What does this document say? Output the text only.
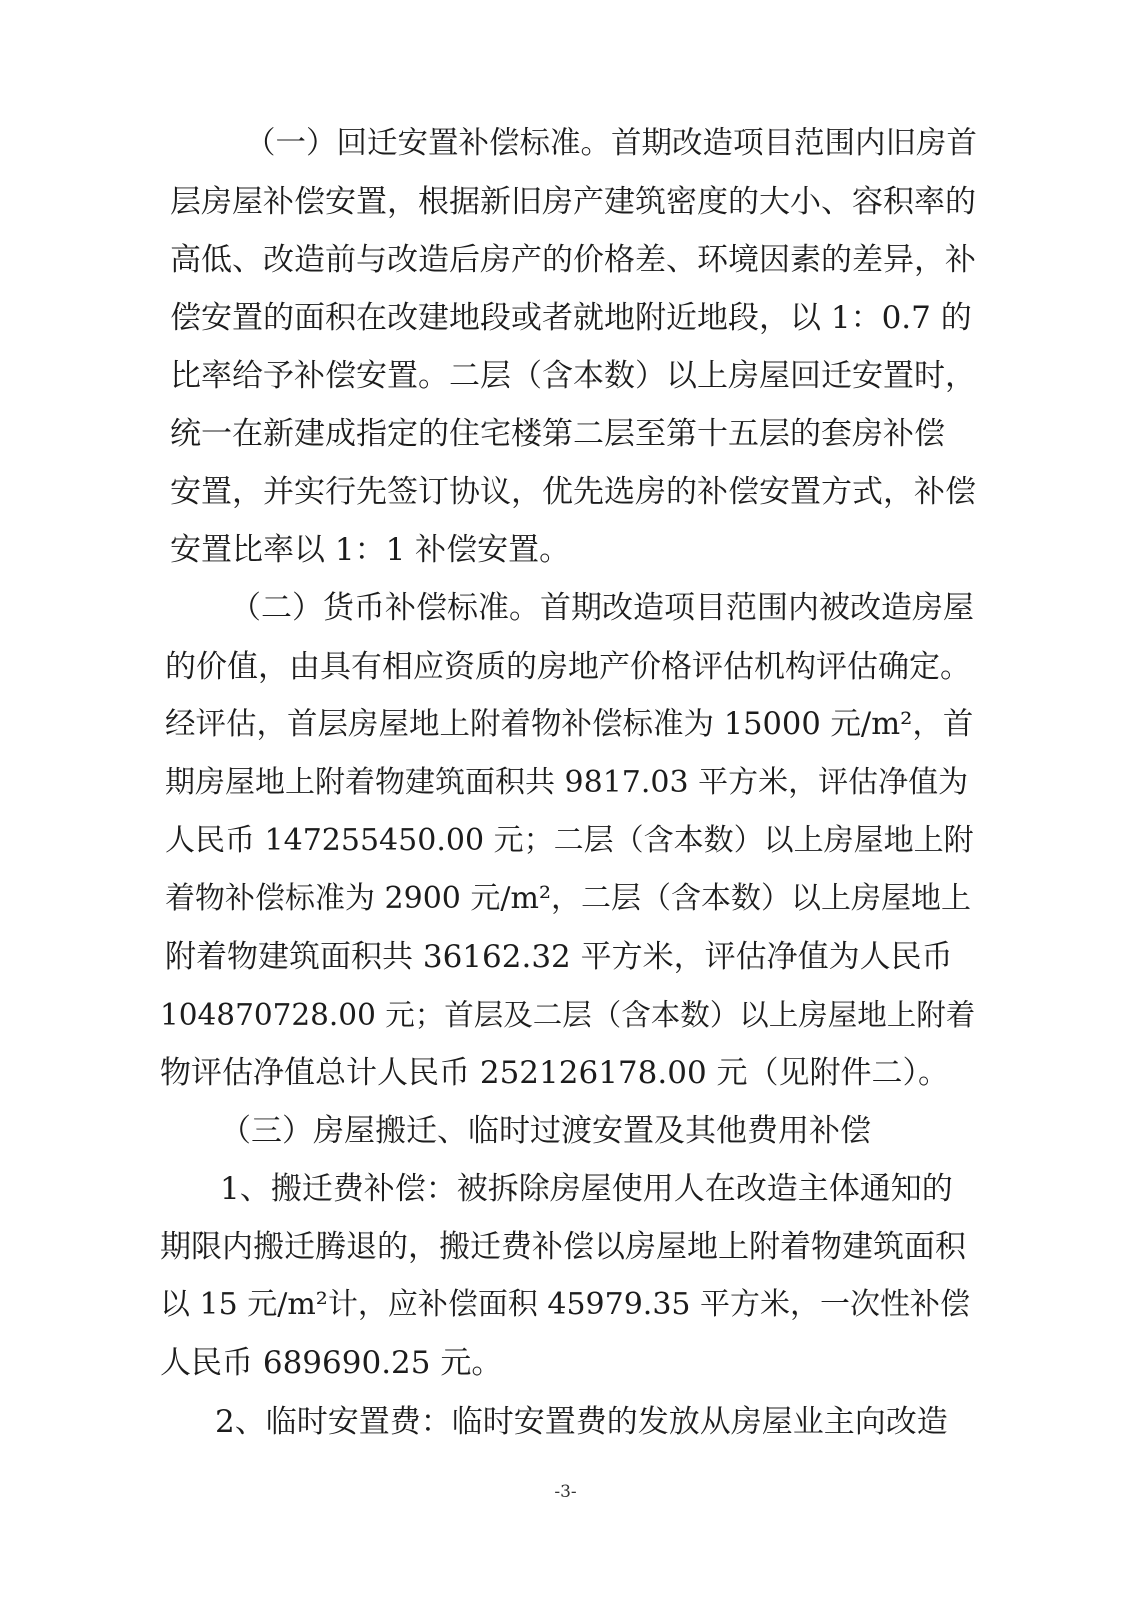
（一）回迁安置补偿标准。首期改造项目范围内旧房首
层房屋补偿安置，根据新旧房产建筑密度的大小、容积率的
高低、改造前与改造后房产的价格差、环境因素的差异，补
偿安置的面积在改建地段或者就地附近地段，以 1：0.7 的
比率给予补偿安置。二层（含本数）以上房屋回迁安置时，
统一在新建成指定的住宅楼第二层至第十五层的套房补偿
安置，并实行先签订协议，优先选房的补偿安置方式，补偿
安置比率以 1：1 补偿安置。
（二）货币补偿标准。首期改造项目范围内被改造房屋
的价值，由具有相应资质的房地产价格评估机构评估确定。
经评估，首层房屋地上附着物补偿标准为 15000 元/m²，首
期房屋地上附着物建筑面积共 9817.03 平方米，评估净值为
人民币 147255450.00 元；二层（含本数）以上房屋地上附
着物补偿标准为 2900 元/m²，二层（含本数）以上房屋地上
附着物建筑面积共 36162.32 平方米，评估净值为人民币
104870728.00 元；首层及二层（含本数）以上房屋地上附着
物评估净值总计人民币 252126178.00 元（见附件二）。
（三）房屋搬迁、临时过渡安置及其他费用补偿
1、搬迁费补偿：被拆除房屋使用人在改造主体通知的
期限内搬迁腾退的，搬迁费补偿以房屋地上附着物建筑面积
以 15 元/m²计，应补偿面积 45979.35 平方米，一次性补偿
人民币 689690.25 元。
2、临时安置费：临时安置费的发放从房屋业主向改造
-3-
